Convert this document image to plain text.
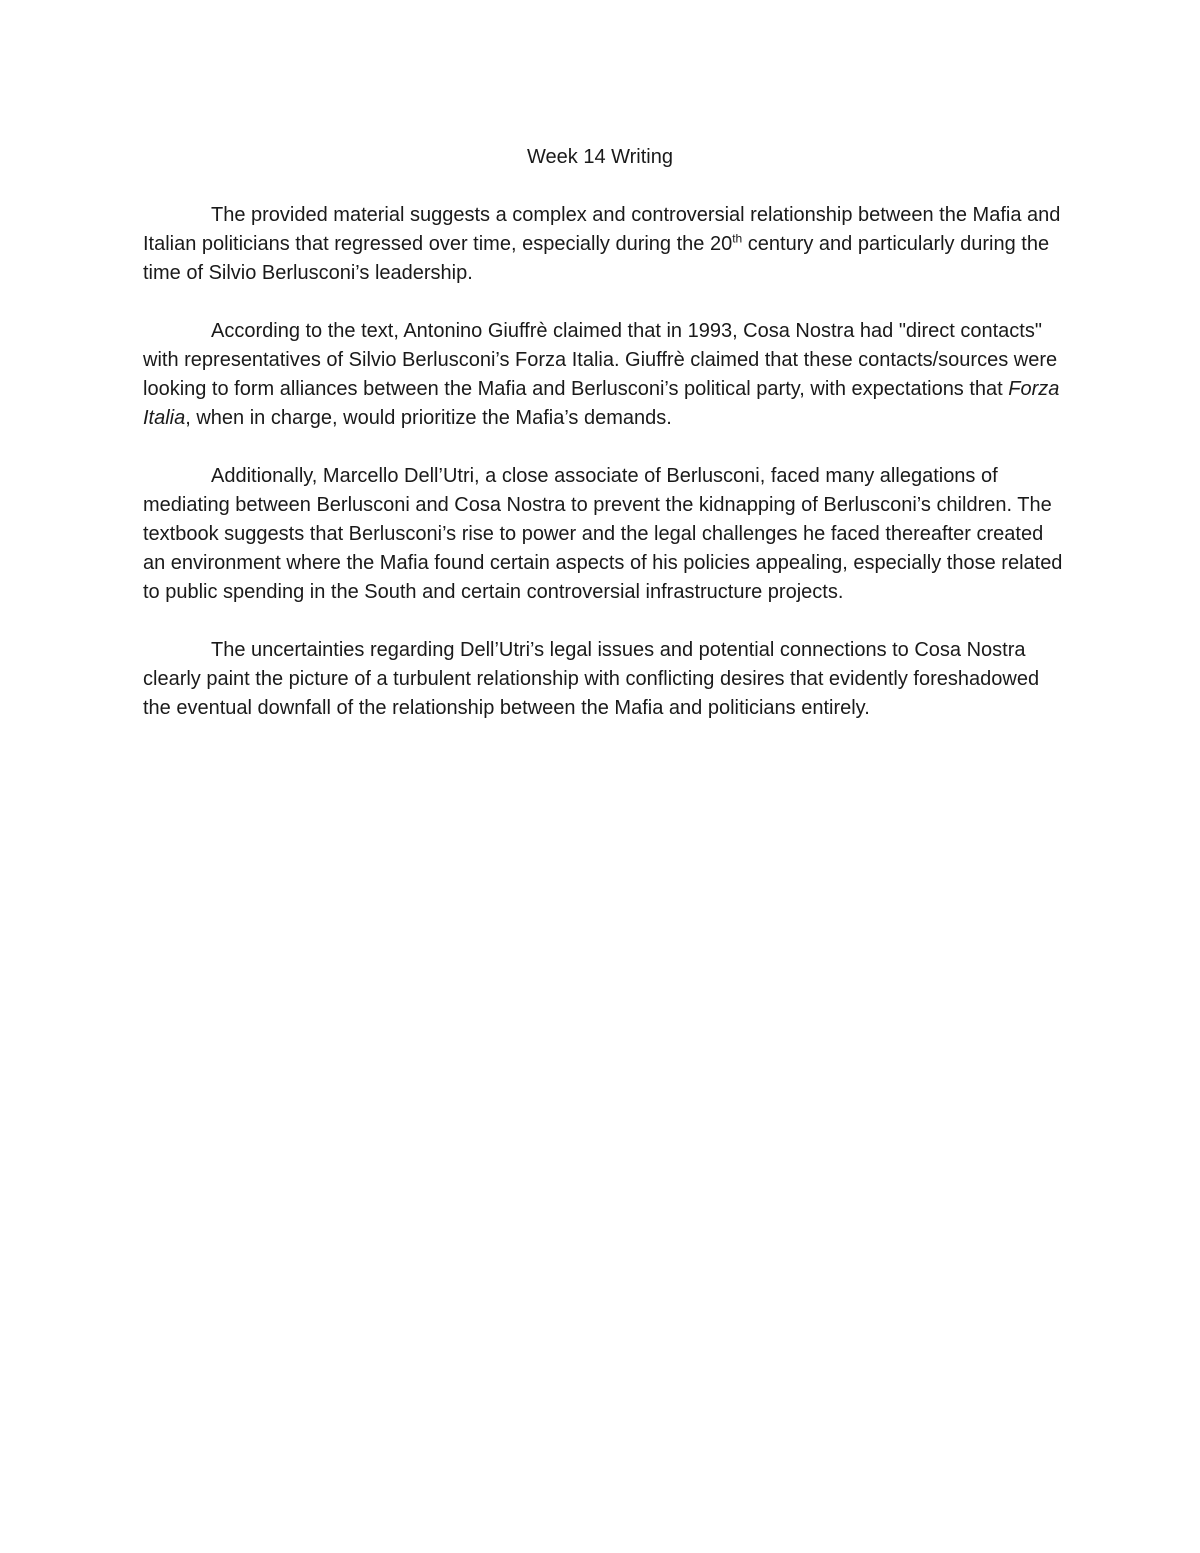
Week 14 Writing

The provided material suggests a complex and controversial relationship between the Mafia and Italian politicians that regressed over time, especially during the 20th century and particularly during the time of Silvio Berlusconi’s leadership.

According to the text, Antonino Giuffrè claimed that in 1993, Cosa Nostra had "direct contacts" with representatives of Silvio Berlusconi’s Forza Italia. Giuffrè claimed that these contacts/sources were looking to form alliances between the Mafia and Berlusconi’s political party, with expectations that Forza Italia, when in charge, would prioritize the Mafia’s demands.

Additionally, Marcello Dell’Utri, a close associate of Berlusconi, faced many allegations of mediating between Berlusconi and Cosa Nostra to prevent the kidnapping of Berlusconi’s children. The textbook suggests that Berlusconi’s rise to power and the legal challenges he faced thereafter created an environment where the Mafia found certain aspects of his policies appealing, especially those related to public spending in the South and certain controversial infrastructure projects.

The uncertainties regarding Dell’Utri’s legal issues and potential connections to Cosa Nostra clearly paint the picture of a turbulent relationship with conflicting desires that evidently foreshadowed the eventual downfall of the relationship between the Mafia and politicians entirely.
